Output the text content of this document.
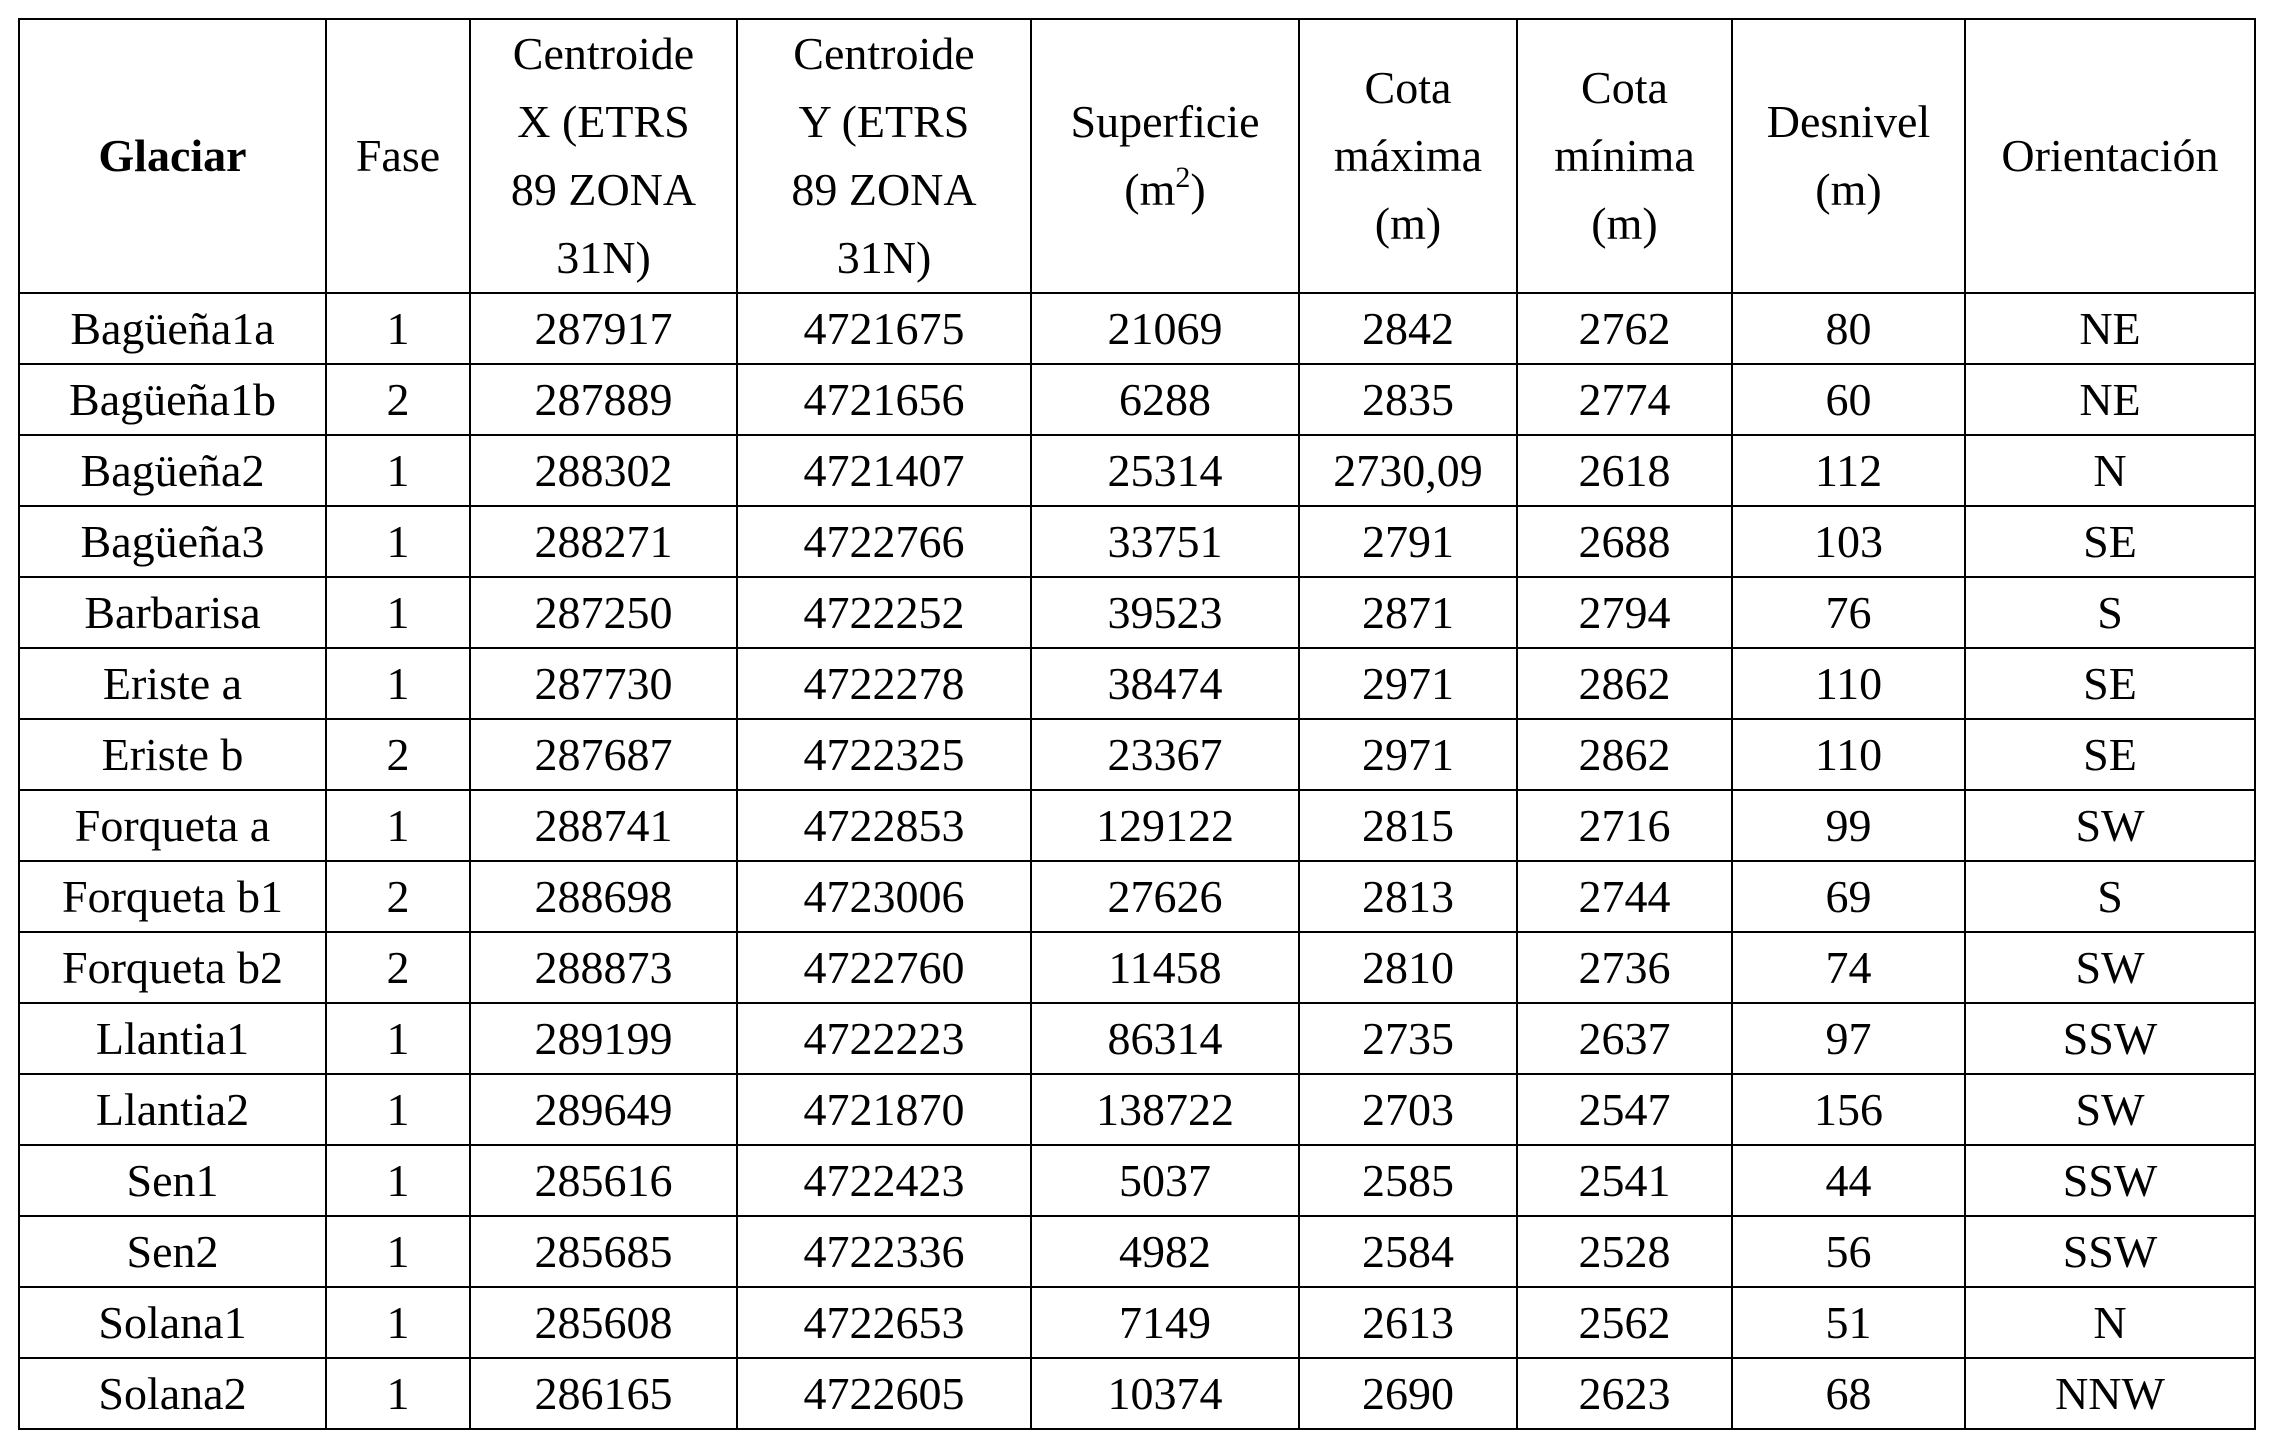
Glaciar	Fase	Centroide
X (ETRS
89 ZONA
31N)	Centroide
Y (ETRS
89 ZONA
31N)	Superficie
$(m^2)$	Cota
máxima
(m)	Cota
mínima
(m)	Desnivel
(m)	Orientación
Bagüeña1a	1	287917	4721675	21069	2842	2762	80	NE
Bagüeña1b	2	287889	4721656	6288	2835	2774	60	NE
Bagüeña2	1	288302	4721407	25314	2730,09	2618	112	N
Bagüeña3	1	288271	4722766	33751	2791	2688	103	SE
Barbarisa	1	287250	4722252	39523	2871	2794	76	S
Eriste a	1	287730	4722278	38474	2971	2862	110	SE
Eriste b	2	287687	4722325	23367	2971	2862	110	SE
Forqueta a	1	288741	4722853	129122	2815	2716	99	SW
Forqueta b1	2	288698	4723006	27626	2813	2744	69	S
Forqueta b2	2	288873	4722760	11458	2810	2736	74	SW
Llantia1	1	289199	4722223	86314	2735	2637	97	SSW
Llantia2	1	289649	4721870	138722	2703	2547	156	SW
Sen1	1	285616	4722423	5037	2585	2541	44	SSW
Sen2	1	285685	4722336	4982	2584	2528	56	SSW
Solana1	1	285608	4722653	7149	2613	2562	51	N
Solana2	1	286165	4722605	10374	2690	2623	68	NNW
